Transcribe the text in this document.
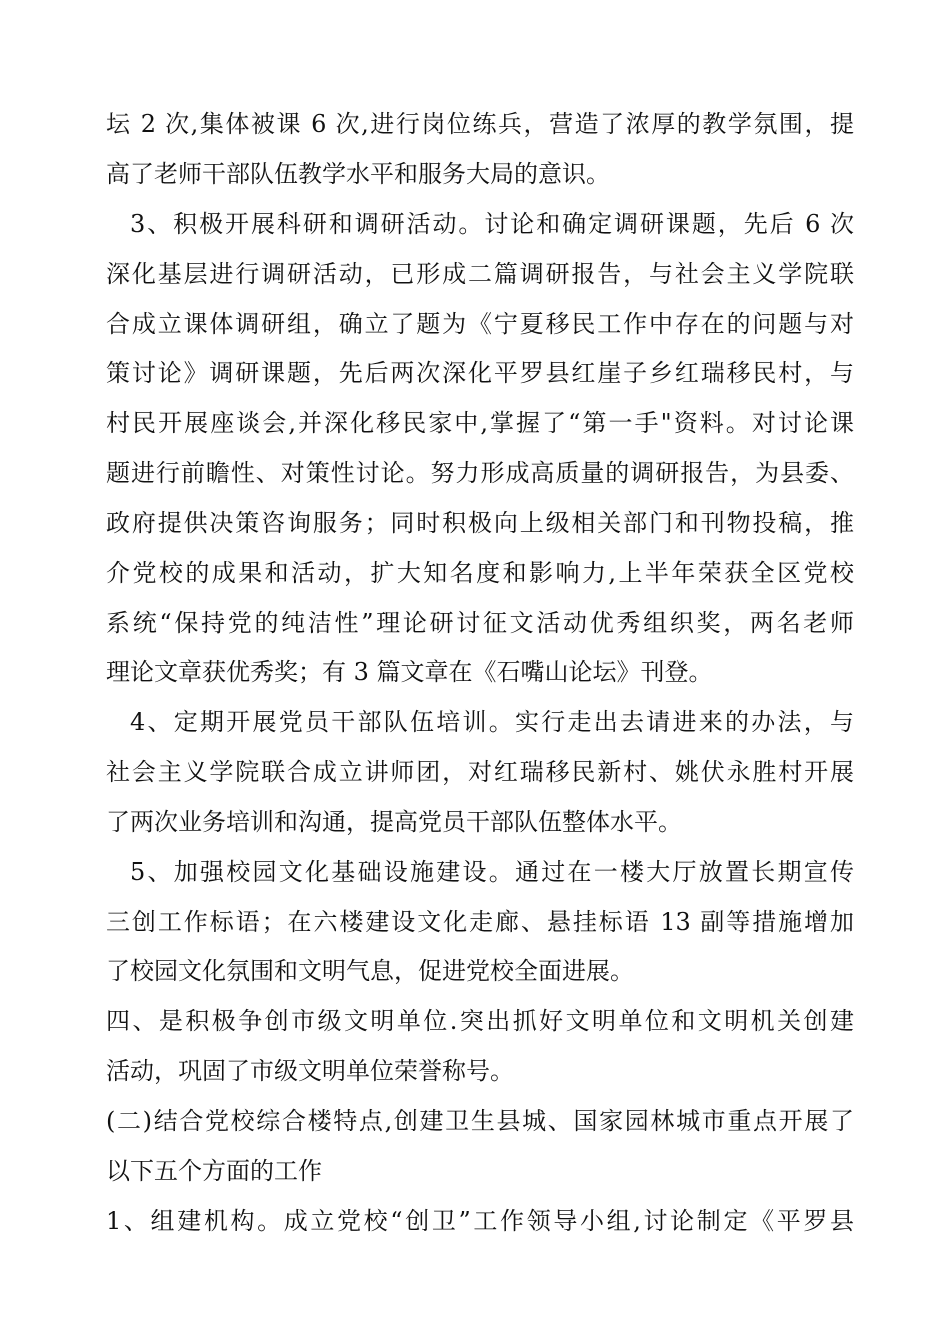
坛 2 次,集体被课 6 次,进行岗位练兵，营造了浓厚的教学氛围，提
高了老师干部队伍教学水平和服务大局的意识。
3、积极开展科研和调研活动。讨论和确定调研课题，先后 6 次
深化基层进行调研活动，已形成二篇调研报告，与社会主义学院联
合成立课体调研组，确立了题为《宁夏移民工作中存在的问题与对
策讨论》调研课题，先后两次深化平罗县红崖子乡红瑞移民村，与
村民开展座谈会,并深化移民家中,掌握了“第一手"资料。对讨论课
题进行前瞻性、对策性讨论。努力形成高质量的调研报告，为县委、
政府提供决策咨询服务；同时积极向上级相关部门和刊物投稿，推
介党校的成果和活动，扩大知名度和影响力,上半年荣获全区党校
系统“保持党的纯洁性”理论研讨征文活动优秀组织奖，两名老师
理论文章获优秀奖；有 3 篇文章在《石嘴山论坛》刊登。
4、定期开展党员干部队伍培训。实行走出去请进来的办法，与
社会主义学院联合成立讲师团，对红瑞移民新村、姚伏永胜村开展
了两次业务培训和沟通，提高党员干部队伍整体水平。
5、加强校园文化基础设施建设。通过在一楼大厅放置长期宣传
三创工作标语；在六楼建设文化走廊、悬挂标语 13 副等措施增加
了校园文化氛围和文明气息，促进党校全面进展。
四、是积极争创市级文明单位.突出抓好文明单位和文明机关创建
活动，巩固了市级文明单位荣誉称号。
(二)结合党校综合楼特点,创建卫生县城、国家园林城市重点开展了
以下五个方面的工作
1、组建机构。成立党校“创卫”工作领导小组,讨论制定《平罗县
